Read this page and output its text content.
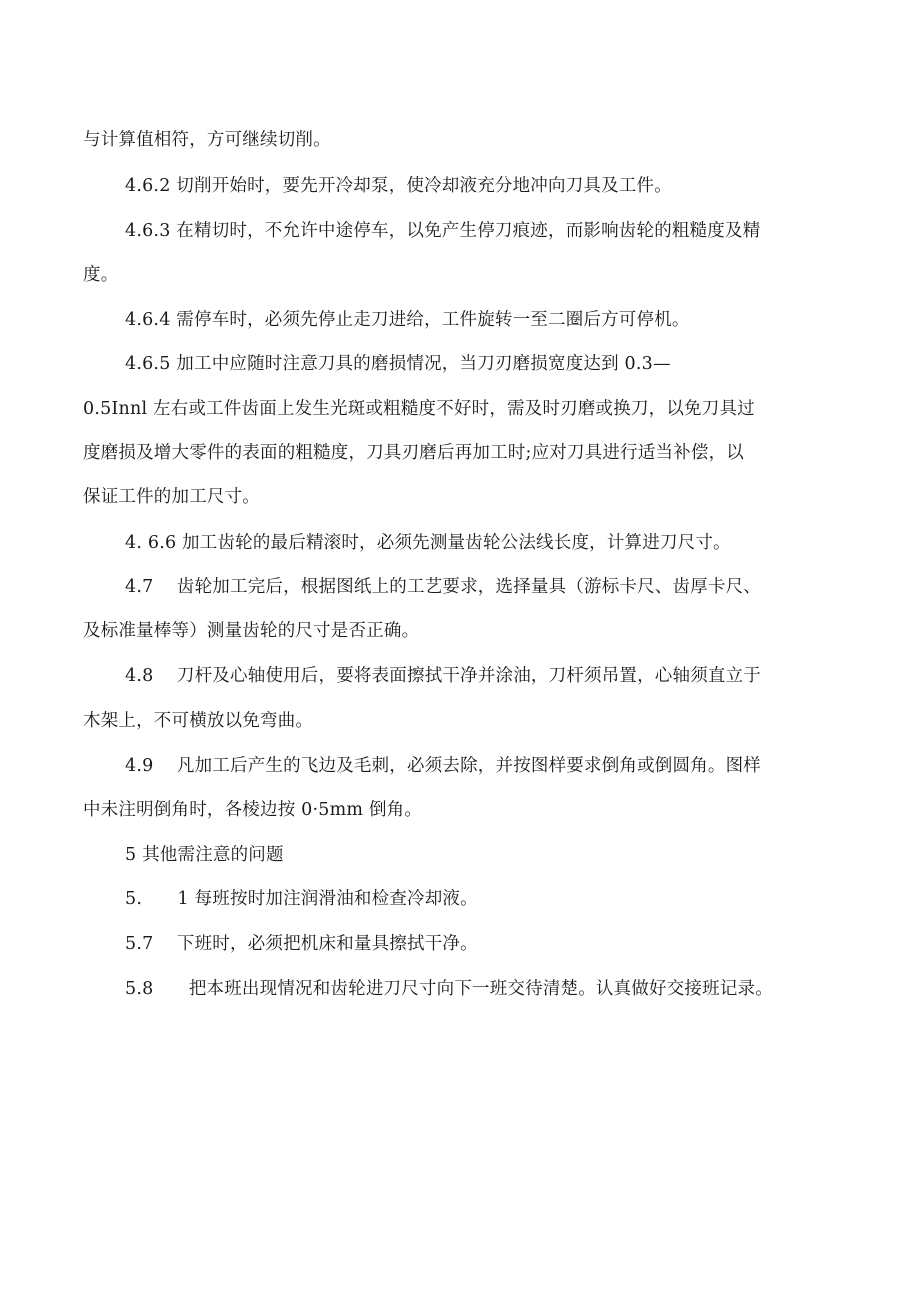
与计算值相符，方可继续切削。
4.6.2 切削开始时，要先开冷却泵，使冷却液充分地冲向刀具及工件。
4.6.3 在精切时，不允许中途停车，以免产生停刀痕迹，而影响齿轮的粗糙度及精
度。
4.6.4 需停车时，必须先停止走刀进给，工件旋转一至二圈后方可停机。
4.6.5 加工中应随时注意刀具的磨损情况，当刀刃磨损宽度达到 0.3—
0.5Innl 左右或工件齿面上发生光斑或粗糙度不好时，需及时刃磨或换刀，以免刀具过
度磨损及增大零件的表面的粗糙度，刀具刃磨后再加工时;应对刀具进行适当补偿，以
保证工件的加工尺寸。
4. 6.6 加工齿轮的最后精滚时，必须先测量齿轮公法线长度，计算进刀尺寸。
4.7　 齿轮加工完后，根据图纸上的工艺要求，选择量具（游标卡尺、齿厚卡尺、
及标准量棒等）测量齿轮的尺寸是否正确。
4.8　 刀杆及心轴使用后，要将表面擦拭干净并涂油，刀杆须吊置，心轴须直立于
木架上，不可横放以免弯曲。
4.9　 凡加工后产生的飞边及毛刺，必须去除，并按图样要求倒角或倒圆角。图样
中未注明倒角时，各棱边按 0·5mm 倒角。
5 其他需注意的问题
5.　　1 每班按时加注润滑油和检查冷却液。
5.7　 下班时，必须把机床和量具擦拭干净。
5.8　　把本班出现情况和齿轮进刀尺寸向下一班交待清楚。认真做好交接班记录。
